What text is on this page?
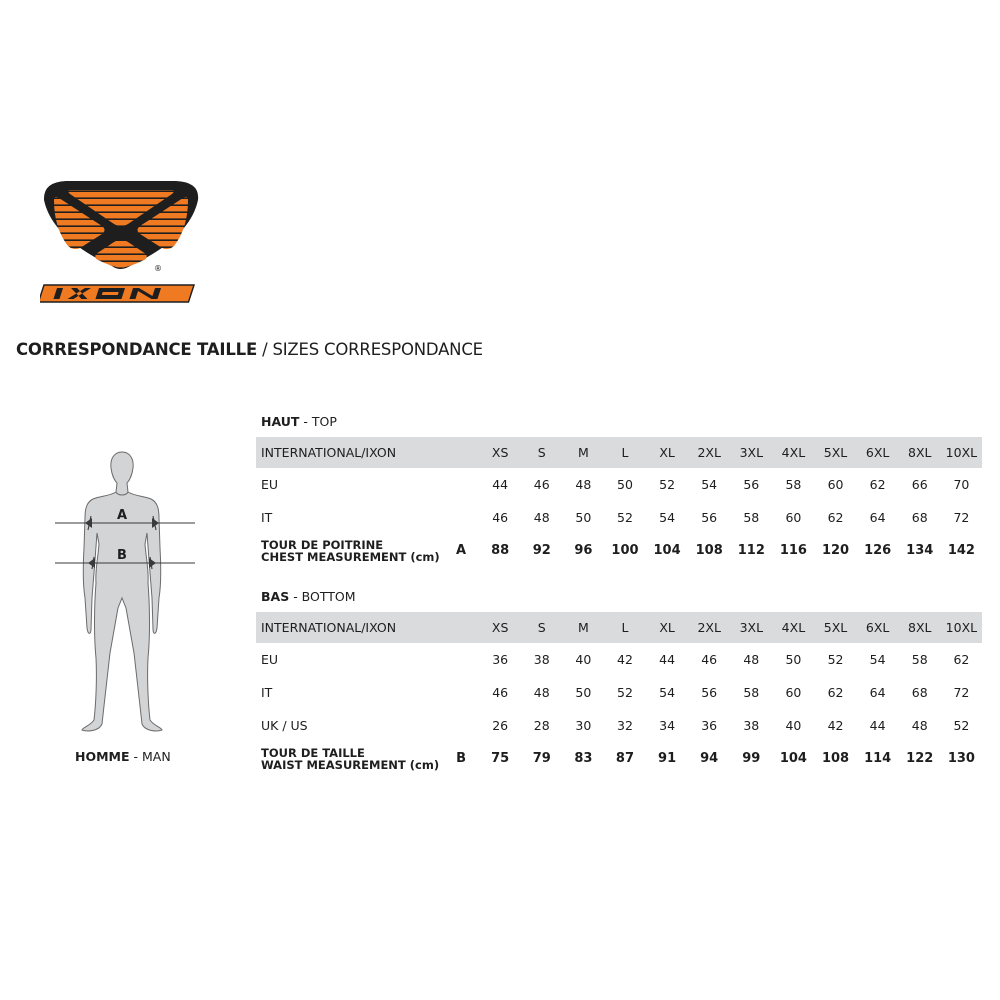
®
CORRESPONDANCE TAILLE / SIZES CORRESPONDANCE
A
B
HOMME - MAN
HAUT - TOP
INTERNATIONAL/IXON		XS	S	M	L	XL	2XL	3XL	4XL	5XL	6XL	8XL	10XL
EU		44	46	48	50	52	54	56	58	60	62	66	70
IT		46	48	50	52	54	56	58	60	62	64	68	72

TOUR DE POITRINE
CHEST MEASUREMENT (cm)	A	88	92	96	100	104	108	112	116	120	126	134	142
BAS - BOTTOM
INTERNATIONAL/IXON		XS	S	M	L	XL	2XL	3XL	4XL	5XL	6XL	8XL	10XL
EU		36	38	40	42	44	46	48	50	52	54	58	62
IT		46	48	50	52	54	56	58	60	62	64	68	72
UK / US		26	28	30	32	34	36	38	40	42	44	48	52

TOUR DE TAILLE
WAIST MEASUREMENT (cm)	B	75	79	83	87	91	94	99	104	108	114	122	130
